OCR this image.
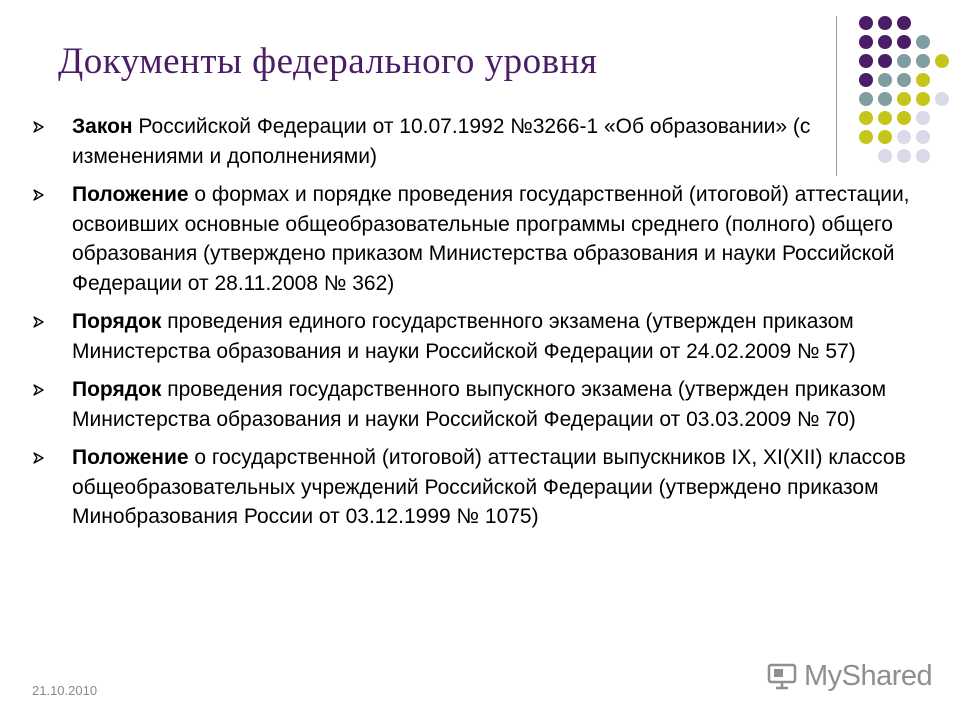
Документы федерального уровня
Закон Российской Федерации от 10.07.1992 №3266-1 «Об образовании» (с изменениями и дополнениями)
Положение о формах и порядке проведения государственной (итоговой) аттестации, освоивших основные общеобразовательные программы среднего (полного) общего образования (утверждено приказом Министерства образования и науки Российской Федерации от 28.11.2008 № 362)
Порядок проведения единого государственного экзамена (утвержден приказом Министерства образования и науки Российской Федерации от 24.02.2009 № 57)
Порядок проведения государственного выпускного экзамена (утвержден приказом Министерства образования и науки Российской Федерации от 03.03.2009 № 70)
Положение о государственной (итоговой) аттестации выпускников IX, XI(XII) классов общеобразовательных учреждений Российской Федерации (утверждено приказом Минобразования России от 03.12.1999 № 1075)
21.10.2010	MyShared
